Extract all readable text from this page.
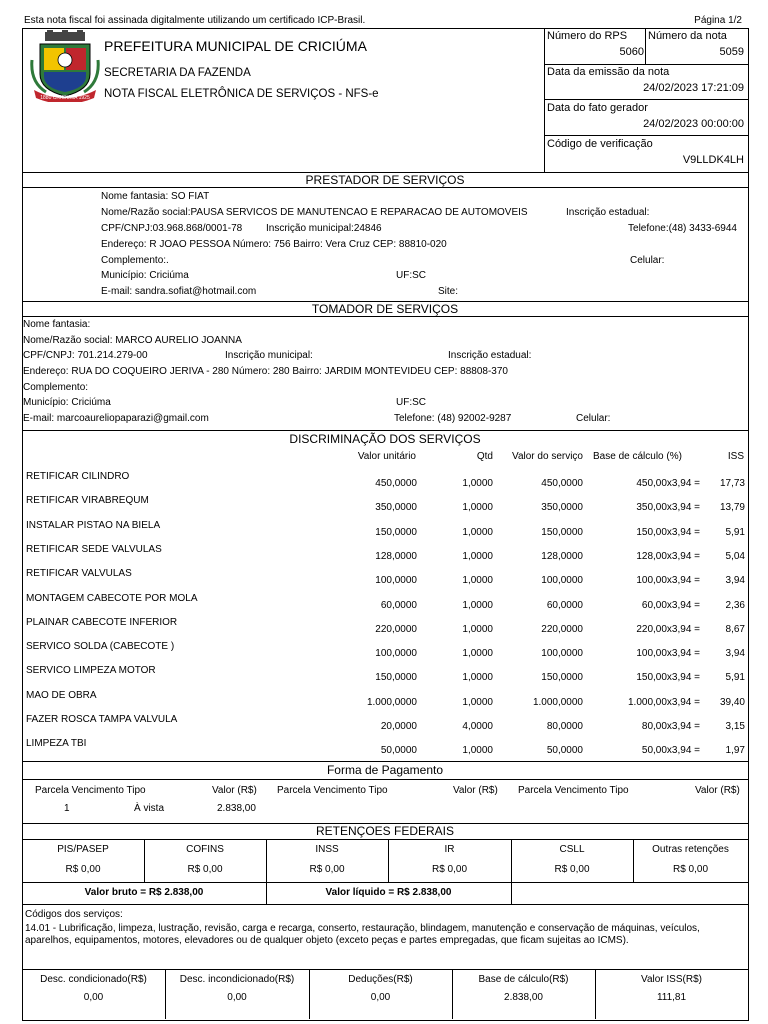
Esta nota fiscal foi assinada digitalmente utilizando um certificado ICP-Brasil.	Página 1/2
1880 CRICIUMA 1925
PREFEITURA MUNICIPAL DE CRICIÚMA
SECRETARIA DA FAZENDA
NOTA FISCAL ELETRÔNICA DE SERVIÇOS - NFS-e
Número do RPS
5060
Número da nota
5059
Data da emissão da nota
24/02/2023 17:21:09
Data do fato gerador
24/02/2023 00:00:00
Código de verificação
V9LLDK4LH
PRESTADOR DE SERVIÇOS
Nome fantasia: SO FIAT
Nome/Razão social:PAUSA SERVICOS DE MANUTENCAO E REPARACAO DE AUTOMOVEIS	Inscrição estadual:
CPF/CNPJ:03.968.868/0001-78 Inscrição municipal:24846	Telefone:(48) 3433-6944
Endereço: R JOAO PESSOA Número: 756 Bairro: Vera Cruz CEP: 88810-020
Complemento:.	Celular:
Município: Criciúma	UF:SC
E-mail: sandra.sofiat@hotmail.com	Site:
TOMADOR DE SERVIÇOS
Nome fantasia:
Nome/Razão social: MARCO AURELIO JOANNA
CPF/CNPJ: 701.214.279-00	Inscrição municipal:	Inscrição estadual:
Endereço: RUA DO COQUEIRO JERIVA - 280 Número: 280 Bairro: JARDIM MONTEVIDEU CEP: 88808-370
Complemento:
Município: Criciúma	UF:SC
E-mail: marcoaureliopaparazi@gmail.com	Telefone: (48) 92002-9287	Celular:
DISCRIMINAÇÃO DOS SERVIÇOS
Valor unitário	Qtd	Valor do serviço Base de cálculo (%)	ISS
RETIFICAR CILINDRO
450,0000	1,0000	450,0000	450,00x3,94 =	17,73
RETIFICAR VIRABREQUM
350,0000	1,0000	350,0000	350,00x3,94 =	13,79
INSTALAR PISTAO NA BIELA
150,0000	1,0000	150,0000	150,00x3,94 =	5,91
RETIFICAR SEDE VALVULAS
128,0000	1,0000	128,0000	128,00x3,94 =	5,04
RETIFICAR VALVULAS
100,0000	1,0000	100,0000	100,00x3,94 =	3,94
MONTAGEM CABECOTE POR MOLA
60,0000	1,0000	60,0000	60,00x3,94 =	2,36
PLAINAR CABECOTE INFERIOR
220,0000	1,0000	220,0000	220,00x3,94 =	8,67
SERVICO SOLDA (CABECOTE )
100,0000	1,0000	100,0000	100,00x3,94 =	3,94
SERVICO LIMPEZA MOTOR
150,0000	1,0000	150,0000	150,00x3,94 =	5,91
MAO DE OBRA
1.000,0000	1,0000	1.000,0000	1.000,00x3,94 =	39,40
FAZER ROSCA TAMPA VALVULA
20,0000	4,0000	80,0000	80,00x3,94 =	3,15
LIMPEZA TBI
50,0000	1,0000	50,0000	50,00x3,94 =	1,97
Forma de Pagamento
Parcela Vencimento Tipo	Valor (R$) Parcela Vencimento Tipo	Valor (R$) Parcela Vencimento Tipo	Valor (R$)
1	À vista	2.838,00
RETENÇOES FEDERAIS
PIS/PASEP
R$ 0,00
COFINS
R$ 0,00
INSS
R$ 0,00
IR
R$ 0,00
CSLL
R$ 0,00
Outras retenções
R$ 0,00
Valor bruto = R$ 2.838,00	Valor líquido = R$ 2.838,00
Códigos dos serviços:
14.01 - Lubrificação, limpeza, lustração, revisão, carga e recarga, conserto, restauração, blindagem, manutenção e conservação de máquinas, veículos, aparelhos, equipamentos, motores, elevadores ou de qualquer objeto (exceto peças e partes empregadas, que ficam sujeitas ao ICMS).
Desc. condicionado(R$)
0,00
Desc. incondicionado(R$)
0,00
Deduções(R$)
0,00
Base de cálculo(R$)
2.838,00
Valor ISS(R$)
111,81
